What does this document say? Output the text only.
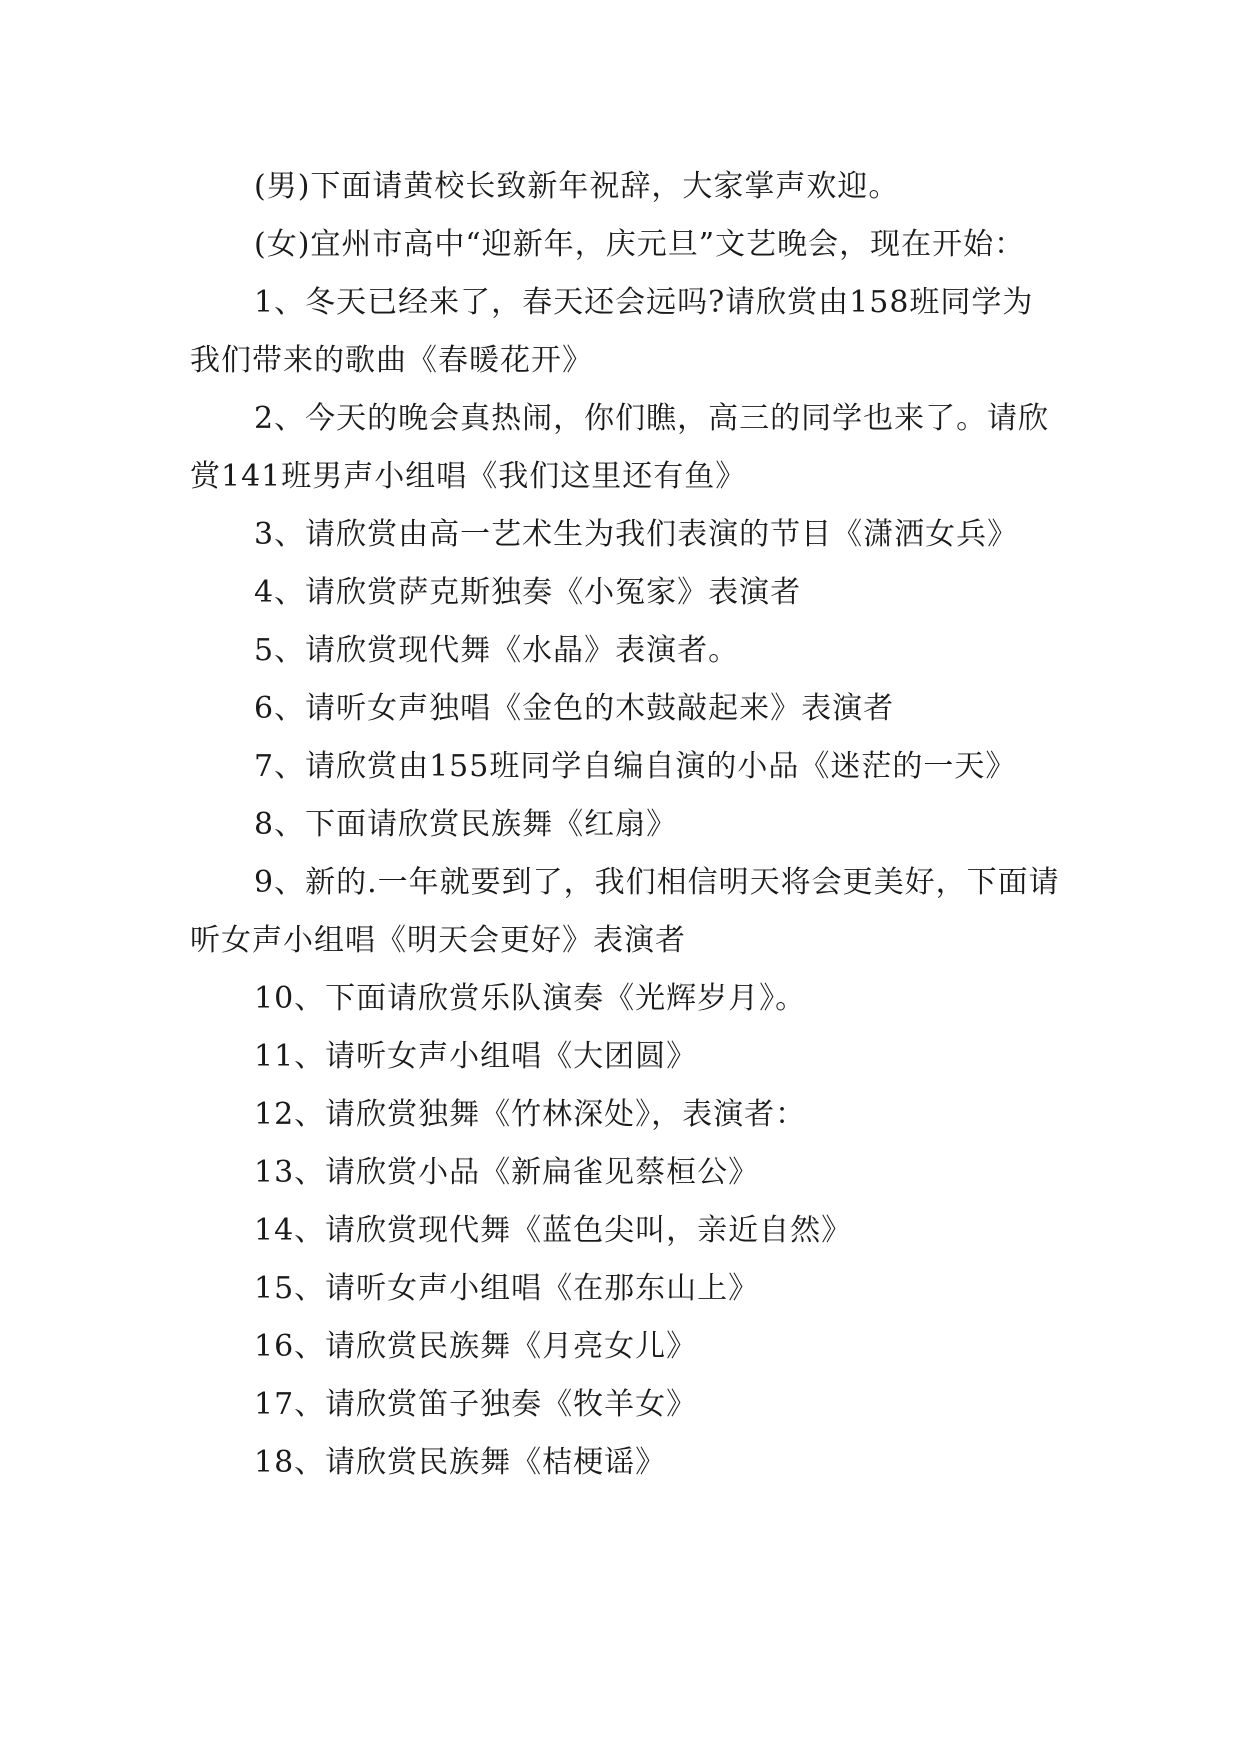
(男)下面请黄校长致新年祝辞，大家掌声欢迎。

(女)宜州市高中“迎新年，庆元旦”文艺晚会，现在开始：

1、冬天已经来了，春天还会远吗?请欣赏由158班同学为我们带来的歌曲《春暖花开》

2、今天的晚会真热闹，你们瞧，高三的同学也来了。请欣赏141班男声小组唱《我们这里还有鱼》

3、请欣赏由高一艺术生为我们表演的节目《潇洒女兵》

4、请欣赏萨克斯独奏《小冤家》表演者

5、请欣赏现代舞《水晶》表演者。

6、请听女声独唱《金色的木鼓敲起来》表演者

7、请欣赏由155班同学自编自演的小品《迷茫的一天》

8、下面请欣赏民族舞《红扇》

9、新的.一年就要到了，我们相信明天将会更美好，下面请听女声小组唱《明天会更好》表演者

10、下面请欣赏乐队演奏《光辉岁月》。

11、请听女声小组唱《大团圆》

12、请欣赏独舞《竹林深处》，表演者：

13、请欣赏小品《新扁雀见蔡桓公》

14、请欣赏现代舞《蓝色尖叫，亲近自然》

15、请听女声小组唱《在那东山上》

16、请欣赏民族舞《月亮女儿》

17、请欣赏笛子独奏《牧羊女》

18、请欣赏民族舞《桔梗谣》
